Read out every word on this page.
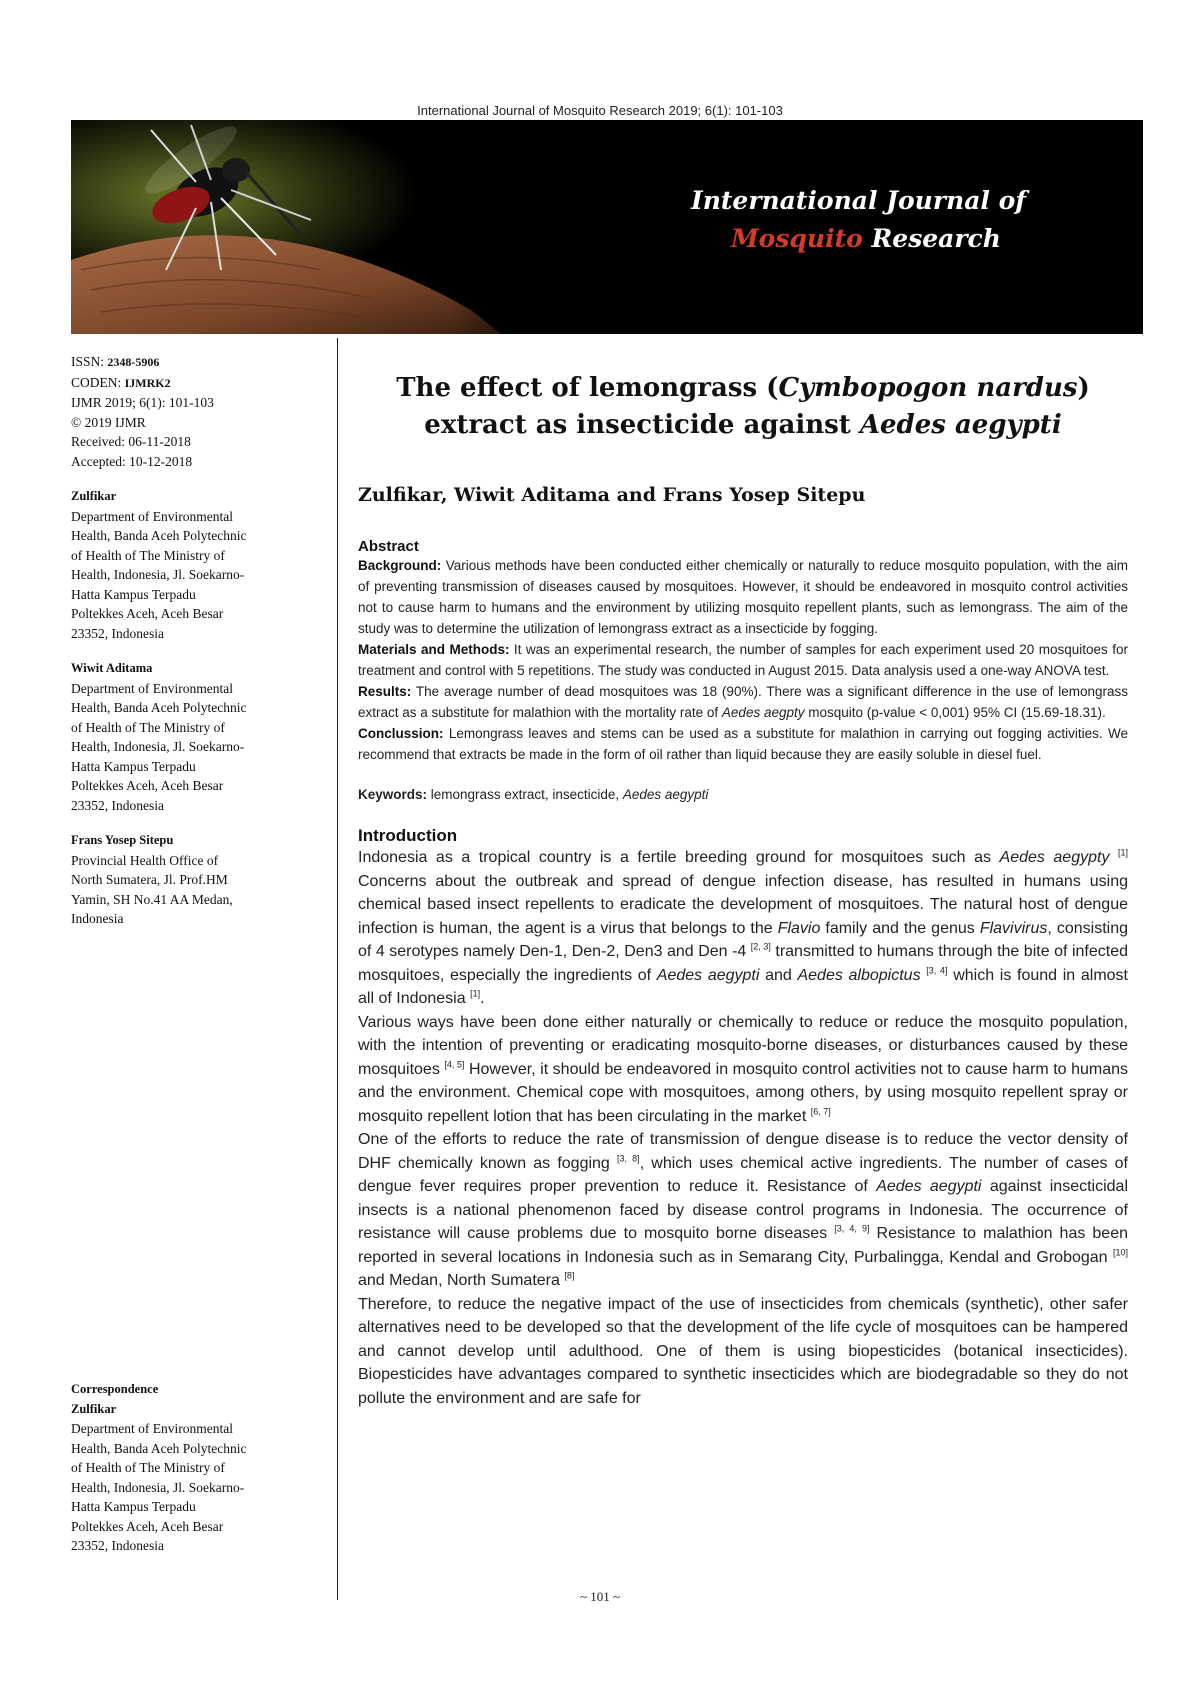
International Journal of Mosquito Research 2019; 6(1): 101-103
International Journal of
Mosquito Research
ISSN: 2348-5906
CODEN: IJMRK2
IJMR 2019; 6(1): 101-103
© 2019 IJMR
Received: 06-11-2018
Accepted: 10-12-2018
Zulfikar
Department of Environmental
Health, Banda Aceh Polytechnic
of Health of The Ministry of
Health, Indonesia, Jl. Soekarno-
Hatta Kampus Terpadu
Poltekkes Aceh, Aceh Besar
23352, Indonesia
Wiwit Aditama
Department of Environmental
Health, Banda Aceh Polytechnic
of Health of The Ministry of
Health, Indonesia, Jl. Soekarno-
Hatta Kampus Terpadu
Poltekkes Aceh, Aceh Besar
23352, Indonesia
Frans Yosep Sitepu
Provincial Health Office of
North Sumatera, Jl. Prof.HM
Yamin, SH No.41 AA Medan,
Indonesia
Correspondence
Zulfikar
Department of Environmental
Health, Banda Aceh Polytechnic
of Health of The Ministry of
Health, Indonesia, Jl. Soekarno-
Hatta Kampus Terpadu
Poltekkes Aceh, Aceh Besar
23352, Indonesia
The effect of lemongrass (Cymbopogon nardus)
extract as insecticide against Aedes aegypti
Zulfikar, Wiwit Aditama and Frans Yosep Sitepu
Abstract

Background: Various methods have been conducted either chemically or naturally to reduce mosquito population, with the aim of preventing transmission of diseases caused by mosquitoes. However, it should be endeavored in mosquito control activities not to cause harm to humans and the environment by utilizing mosquito repellent plants, such as lemongrass. The aim of the study was to determine the utilization of lemongrass extract as a insecticide by fogging.

Materials and Methods: It was an experimental research, the number of samples for each experiment used 20 mosquitoes for treatment and control with 5 repetitions. The study was conducted in August 2015. Data analysis used a one-way ANOVA test.

Results: The average number of dead mosquitoes was 18 (90%). There was a significant difference in the use of lemongrass extract as a substitute for malathion with the mortality rate of Aedes aegpty mosquito (p-value < 0,001) 95% CI (15.69-18.31).

Conclussion: Lemongrass leaves and stems can be used as a substitute for malathion in carrying out fogging activities. We recommend that extracts be made in the form of oil rather than liquid because they are easily soluble in diesel fuel.

Keywords: lemongrass extract, insecticide, Aedes aegypti
Introduction

Indonesia as a tropical country is a fertile breeding ground for mosquitoes such as Aedes aegypty [1] Concerns about the outbreak and spread of dengue infection disease, has resulted in humans using chemical based insect repellents to eradicate the development of mosquitoes. The natural host of dengue infection is human, the agent is a virus that belongs to the Flavio family and the genus Flavivirus, consisting of 4 serotypes namely Den-1, Den-2, Den3 and Den -4 [2, 3] transmitted to humans through the bite of infected mosquitoes, especially the ingredients of Aedes aegypti and Aedes albopictus [3, 4] which is found in almost all of Indonesia [1].

Various ways have been done either naturally or chemically to reduce or reduce the mosquito population, with the intention of preventing or eradicating mosquito-borne diseases, or disturbances caused by these mosquitoes [4, 5] However, it should be endeavored in mosquito control activities not to cause harm to humans and the environment. Chemical cope with mosquitoes, among others, by using mosquito repellent spray or mosquito repellent lotion that has been circulating in the market [6, 7]

One of the efforts to reduce the rate of transmission of dengue disease is to reduce the vector density of DHF chemically known as fogging [3, 8], which uses chemical active ingredients. The number of cases of dengue fever requires proper prevention to reduce it. Resistance of Aedes aegypti against insecticidal insects is a national phenomenon faced by disease control programs in Indonesia. The occurrence of resistance will cause problems due to mosquito borne diseases [3, 4, 9] Resistance to malathion has been reported in several locations in Indonesia such as in Semarang City, Purbalingga, Kendal and Grobogan [10] and Medan, North Sumatera [8]

Therefore, to reduce the negative impact of the use of insecticides from chemicals (synthetic), other safer alternatives need to be developed so that the development of the life cycle of mosquitoes can be hampered and cannot develop until adulthood. One of them is using biopesticides (botanical insecticides). Biopesticides have advantages compared to synthetic insecticides which are biodegradable so they do not pollute the environment and are safe for

~ 101 ~
